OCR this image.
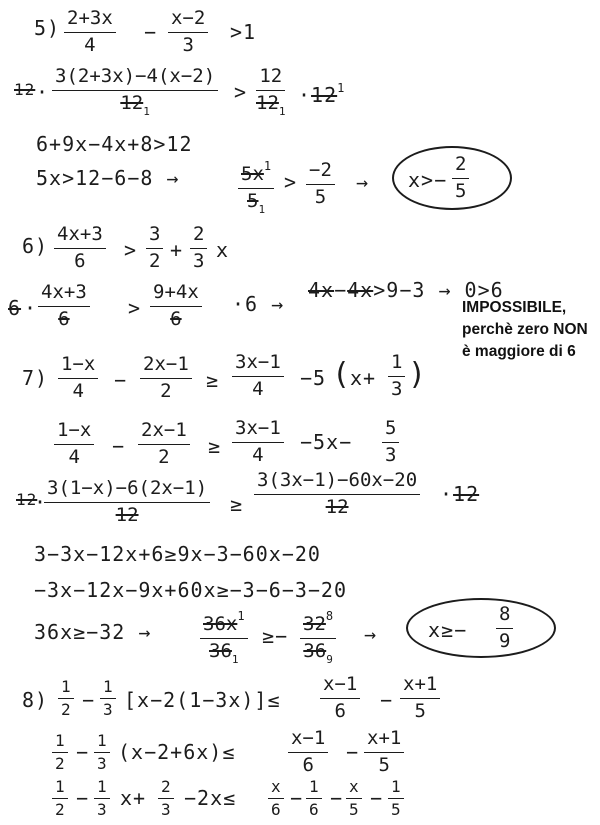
$5) \frac{2+3x}{4} - \frac{x-2}{3} >1$
$12 \cdot \frac{3(2+3x)-4(x-2)}{12_1} > \frac{12}{12_1} \cdot 12^1$
6+9x−4x+8>12
5x>12−6−8 →	$\frac{5x^1}{5_1} > \frac{-2}{5} \to x>- \frac{2}{5}$
$6) \frac{4x+3}{6} > \frac{3}{2} + \frac{2}{3}$ x
$6 \cdot \frac{4x+3}{6} > \frac{9+4x}{6} \cdot 6$ →
4x−4x>9−3 → 0>6
IMPOSSIBILE,
perchè zero NON
è maggiore di 6
$7) \frac{1-x}{4} - \frac{2x-1}{2} \ge \frac{3x-1}{4} -5$ (
$x+ \frac{1}{3}$ )
$\frac{1-x}{4} - \frac{2x-1}{2} \ge \frac{3x-1}{4} -5x- \frac{5}{3}$
12
·
$\frac{3(1-x)-6(2x-1)}{12} \ge \frac{3(3x-1)-60x-20}{12} \cdot 12$
3−3x−12x+6≥9x−3−60x−20
−3x−12x−9x+60x≥−3−6−3−20
36x≥−32 →	$\frac{36x^1}{36_1} \ge- \frac{32^8}{36_9}$ →	$x\ge- \frac{8}{9}$
$8) \frac{1}{2} - \frac{1}{3} [x-2(1-3x)]\le \frac{x-1}{6} - \frac{x+1}{5}$
$\frac{1}{2} - \frac{1}{3} (x-2+6x)\le$	$\frac{x-1}{6} - \frac{x+1}{5}$
$\frac{1}{2} - \frac{1}{3} x+ \frac{2}{3} -2x\le \frac{x}{6} - \frac{1}{6} - \frac{x}{5} - \frac{1}{5}$
